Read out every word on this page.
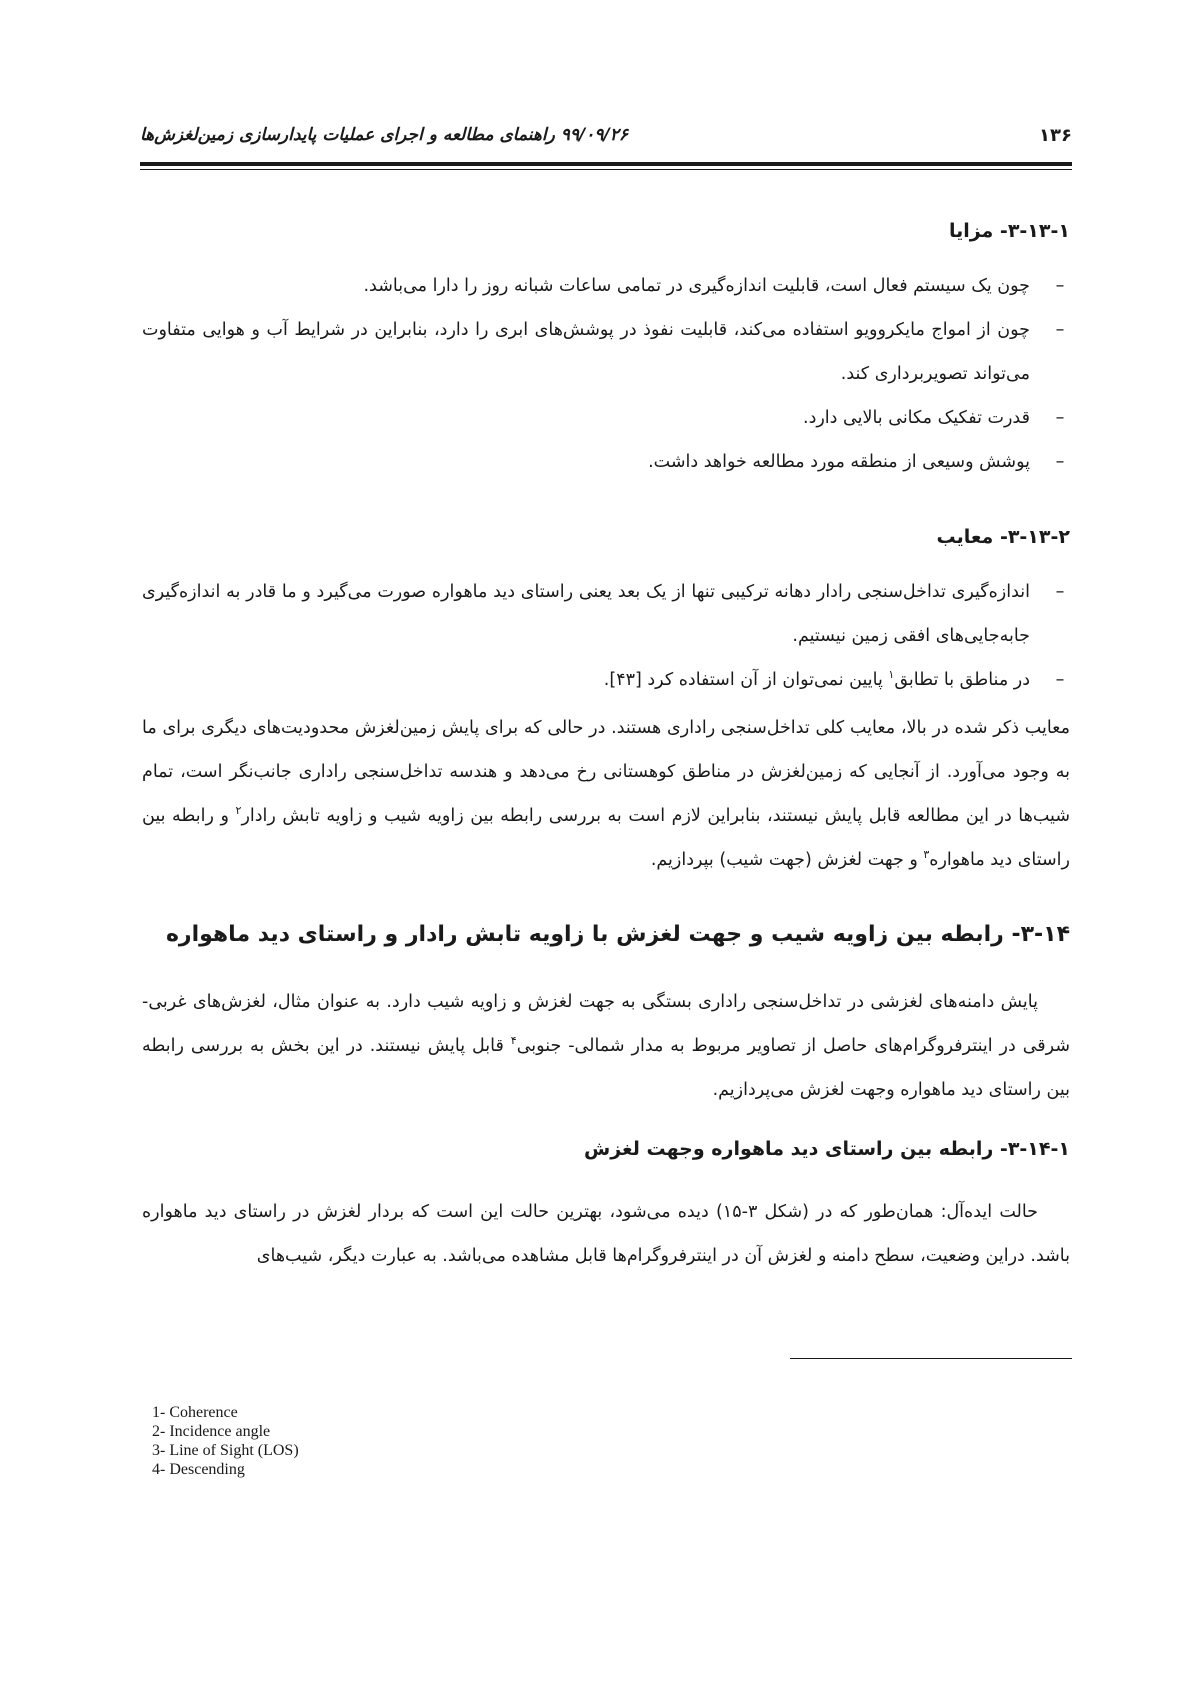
۱۳۶
۹۹/۰۹/۲۶ راهنمای مطالعه و اجرای عملیات پایدارسازی زمین‌لغزش‌ها
۳-۱۳-۱- مزایا
–
چون یک سیستم فعال است، قابلیت اندازه‌گیری در تمامی ساعات شبانه روز را دارا می‌باشد.
–
چون از امواج مایکروویو استفاده می‌کند، قابلیت نفوذ در پوشش‌های ابری را دارد، بنابراین در شرایط آب و هوایی متفاوت می‌تواند تصویربرداری کند.
–
قدرت تفکیک مکانی بالایی دارد.
–
پوشش وسیعی از منطقه مورد مطالعه خواهد داشت.
۳-۱۳-۲- معایب
–
اندازه‌گیری تداخل‌سنجی رادار دهانه ترکیبی تنها از یک بعد یعنی راستای دید ماهواره صورت می‌گیرد و ما قادر به اندازه‌گیری جابه‌جایی‌های افقی زمین نیستیم.
–
در مناطق با تطابق$^۱$ پایین نمی‌توان از آن استفاده کرد [۴۳].

معایب ذکر شده در بالا، معایب کلی تداخل‌سنجی راداری هستند. در حالی که برای پایش زمین‌لغزش محدودیت‌های دیگری برای ما به وجود می‌آورد. از آنجایی که زمین‌لغزش در مناطق کوهستانی رخ می‌دهد و هندسه تداخل‌سنجی راداری جانب‌نگر است، تمام شیب‌ها در این مطالعه قابل پایش نیستند، بنابراین لازم است به بررسی رابطه بین زاویه شیب و زاویه تابش رادار$^۲$ و رابطه بین راستای دید ماهواره$^۳$ و جهت لغزش (جهت شیب) بپردازیم.

۳-۱۴- رابطه بین زاویه شیب و جهت لغزش با زاویه تابش رادار و راستای دید ماهواره

پایش دامنه‌های لغزشی در تداخل‌سنجی راداری بستگی به جهت لغزش و زاویه شیب دارد. به عنوان مثال، لغزش‌های غربی- شرقی در اینترفروگرام‌های حاصل از تصاویر مربوط به مدار شمالی- جنوبی$^۴$ قابل پایش نیستند. در این بخش به بررسی رابطه بین راستای دید ماهواره وجهت لغزش می‌پردازیم.

۳-۱۴-۱- رابطه بین راستای دید ماهواره وجهت لغزش

حالت ایده‌آل: همان‌طور که در (شکل ۳-۱۵) دیده می‌شود، بهترین حالت این است که بردار لغزش در راستای دید ماهواره باشد. دراین وضعیت، سطح دامنه و لغزش آن در اینترفروگرام‌ها قابل مشاهده می‌باشد. به عبارت دیگر، شیب‌های

1- Coherence
2- Incidence angle
3- Line of Sight (LOS)
4- Descending
